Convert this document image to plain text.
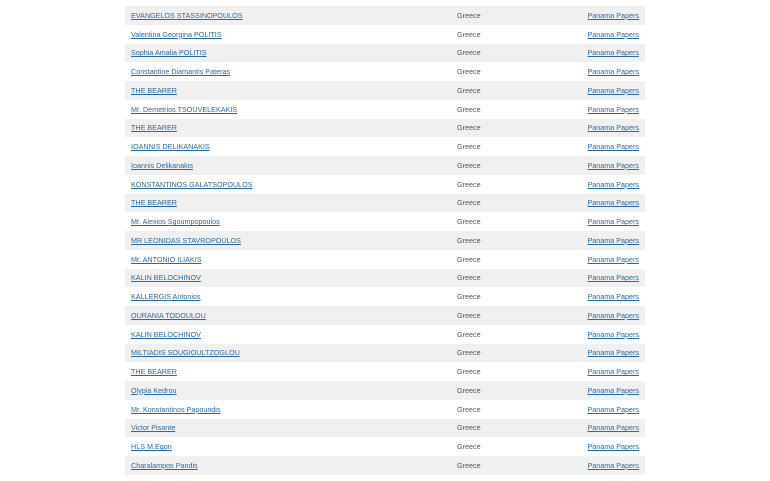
EVANGELOS STASSINOPOULOS	Greece	Panama Papers
Valentina Georgina POLITIS	Greece	Panama Papers
Sophia Amalia POLITIS	Greece	Panama Papers
Constantine Diamantis Pateras	Greece	Panama Papers
THE BEARER	Greece	Panama Papers
Mr. Demetrios TSOUVELEKAKIS	Greece	Panama Papers
THE BEARER	Greece	Panama Papers
IOANNIS DELIKANAKIS	Greece	Panama Papers
Ioannis Delikanakis	Greece	Panama Papers
KONSTANTINOS GALATSOPOULOS	Greece	Panama Papers
THE BEARER	Greece	Panama Papers
Mr. Alexios Sgoumpopoulos	Greece	Panama Papers
MR LEONIDAS STAVROPOULOS	Greece	Panama Papers
Mr. ANTONIO ILIAKIS	Greece	Panama Papers
KALIN BELOCHINOV	Greece	Panama Papers
KALLERGIS Antonios	Greece	Panama Papers
OURANIA TODOULOU	Greece	Panama Papers
KALIN BELOCHINOV	Greece	Panama Papers
MILTIADIS SOUGIOULTZOGLOU	Greece	Panama Papers
THE BEARER	Greece	Panama Papers
Olypia Kedrou	Greece	Panama Papers
Mr. Konstantinos Papoundis	Greece	Panama Papers
Victor Pisante	Greece	Panama Papers
HLS M.Egon	Greece	Panama Papers
Charalampos Pandis	Greece	Panama Papers
